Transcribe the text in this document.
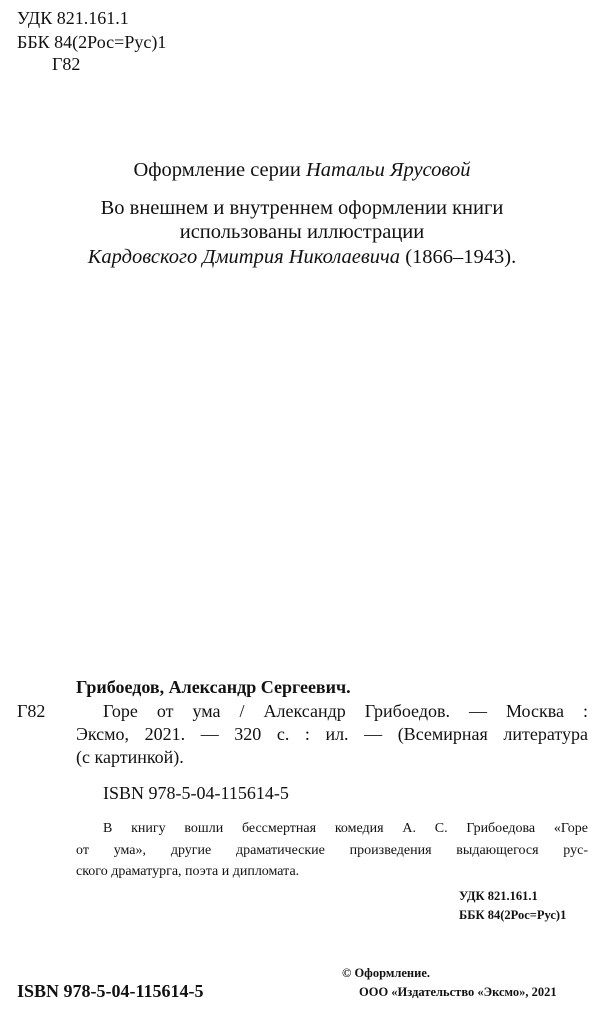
УДК 821.161.1
ББК 84(2Рос=Рус)1
Г82
Оформление серии Натальи Ярусовой
Во внешнем и внутреннем оформлении книги
использованы иллюстрации
Кардовского Дмитрия Николаевича (1866–1943).
Грибоедов, Александр Сергеевич.
Г82	Горе от ума / Александр Грибоедов. — Москва :
Эксмо, 2021. — 320 с. : ил. — (Всемирная литература
(с картинкой).
ISBN 978-5-04-115614-5
В книгу вошли бессмертная комедия А. С. Грибоедова «Горе
от ума», другие драматические произведения выдающегося рус-
ского драматурга, поэта и дипломата.
УДК 821.161.1
ББК 84(2Рос=Рус)1
ISBN 978-5-04-115614-5
© Оформление.
ООО «Издательство «Эксмо», 2021
